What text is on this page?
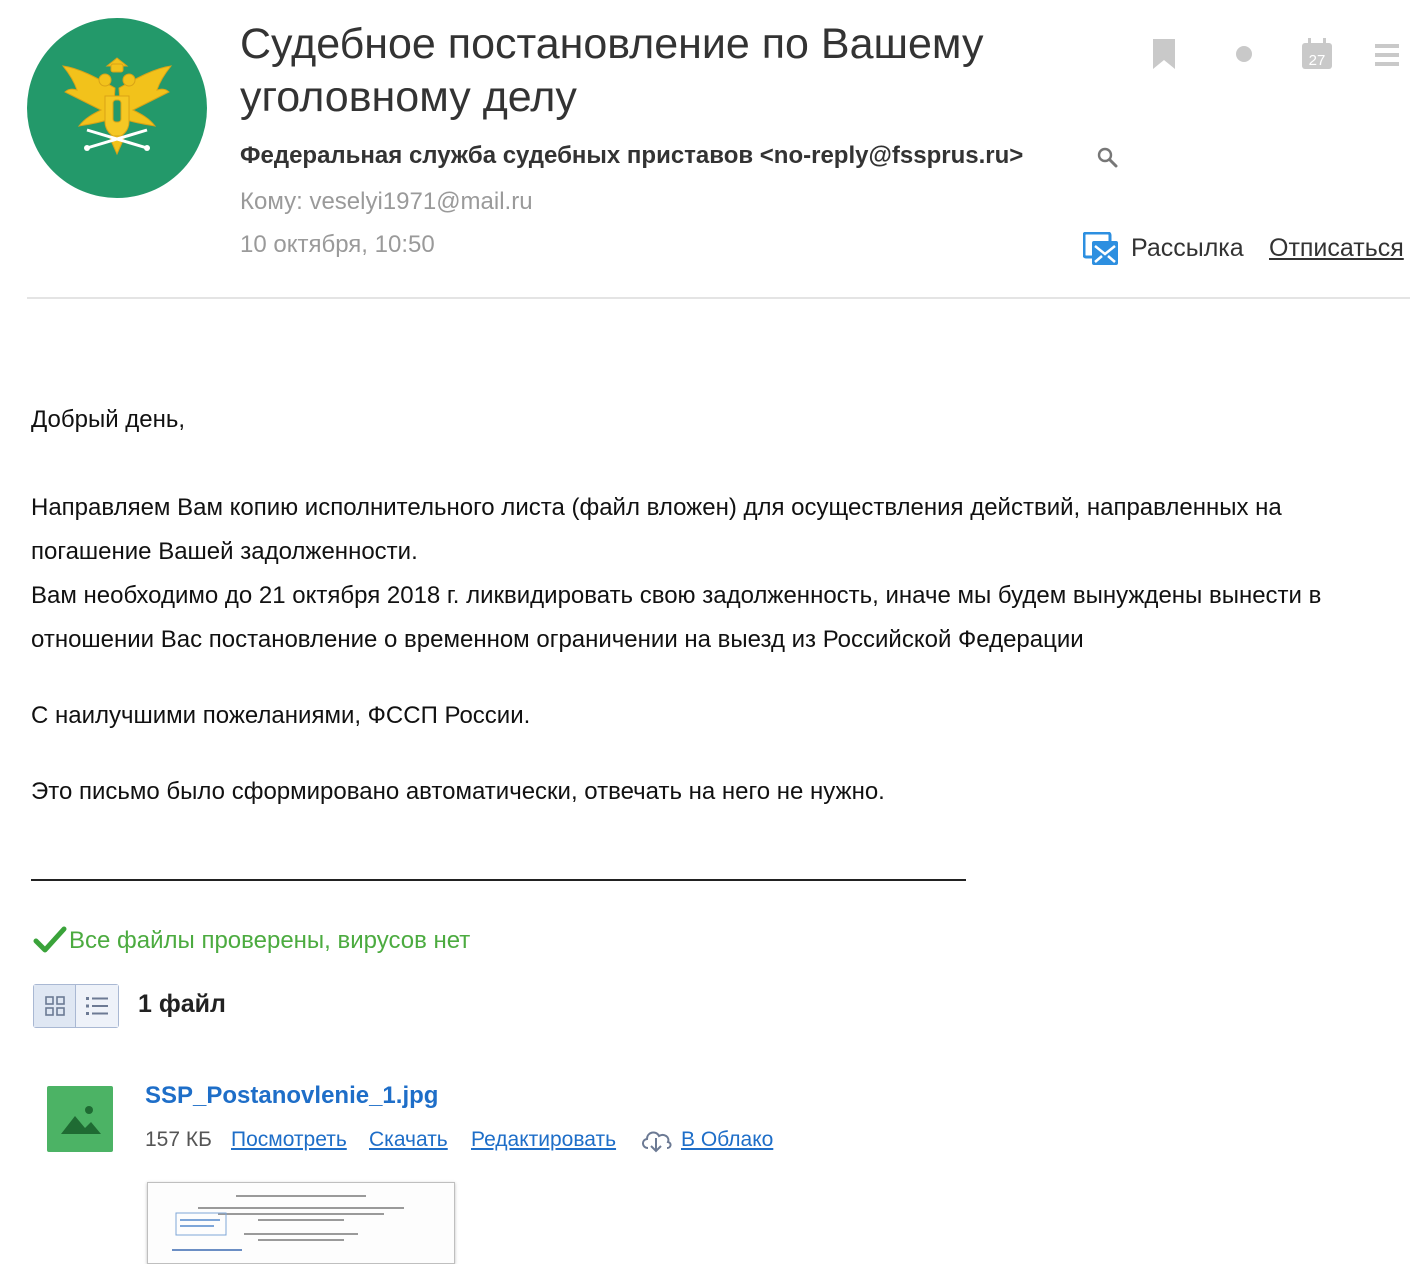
Судебное постановление по Вашему уголовному делу
Федеральная служба судебных приставов <no-reply@fssprus.ru>
Кому: veselyi1971@mail.ru
10 октября, 10:50
27
Рассылка Отписаться
Добрый день,
Направляем Вам копию исполнительного листа (файл вложен) для осуществления действий, направленных на погашение Вашей задолженности.
Вам необходимо до 21 октября 2018 г. ликвидировать свою задолженность, иначе мы будем вынуждены вынести в отношении Вас постановление о временном ограничении на выезд из Российской Федерации
С наилучшими пожеланиями, ФССП России.
Это письмо было сформировано автоматически, отвечать на него не нужно.
Все файлы проверены, вирусов нет
1 файл
SSP_Postanovlenie_1.jpg
157 КБ Посмотреть Скачать Редактировать	В Облако
